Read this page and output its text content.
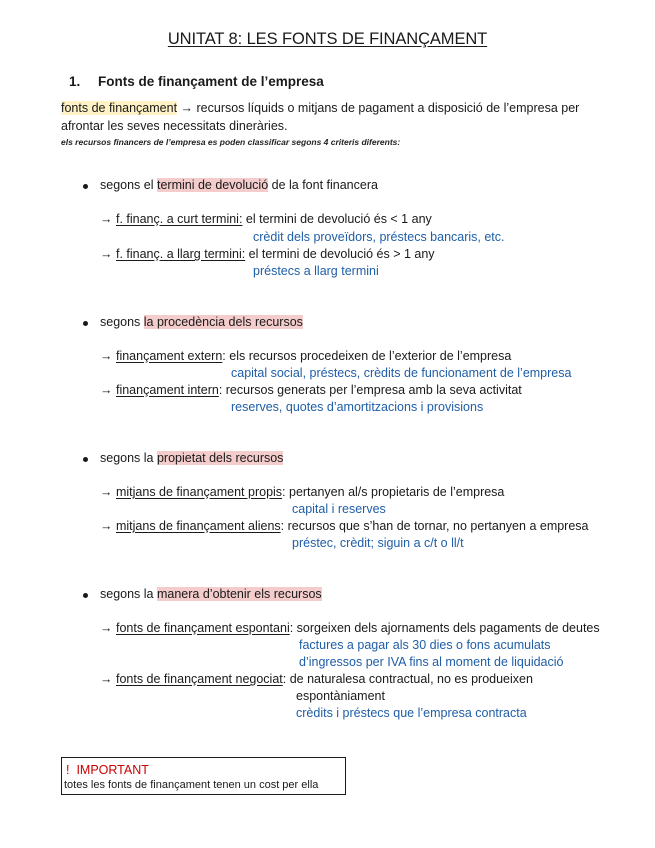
UNITAT 8: LES FONTS DE FINANÇAMENT
1. Fonts de finançament de l’empresa
fonts de finançament → recursos líquids o mitjans de pagament a disposició de l’empresa per
afrontar les seves necessitats dineràries.
els recursos financers de l’empresa es poden classificar segons 4 criteris diferents:
segons el termini de devolució de la font financera
→ f. finanç. a curt termini: el termini de devolució és < 1 any
crèdit dels proveïdors, préstecs bancaris, etc.
→ f. finanç. a llarg termini: el termini de devolució és > 1 any
préstecs a llarg termini
segons la procedència dels recursos
→ finançament extern: els recursos procedeixen de l’exterior de l’empresa
capital social, préstecs, crèdits de funcionament de l’empresa
→ finançament intern: recursos generats per l’empresa amb la seva activitat
reserves, quotes d’amortitzacions i provisions
segons la propietat dels recursos
→ mitjans de finançament propis: pertanyen al/s propietaris de l’empresa
capital i reserves
→ mitjans de finançament aliens: recursos que s’han de tornar, no pertanyen a empresa
préstec, crèdit; siguin a c/t o ll/t
segons la manera d’obtenir els recursos
→ fonts de finançament espontani: sorgeixen dels ajornaments dels pagaments de deutes
factures a pagar als 30 dies o fons acumulats
d’ingressos per IVA fins al moment de liquidació
→ fonts de finançament negociat: de naturalesa contractual, no es produeixen
espontàniament
crèdits i préstecs que l’empresa contracta
! IMPORTANT
totes les fonts de finançament tenen un cost per ella
